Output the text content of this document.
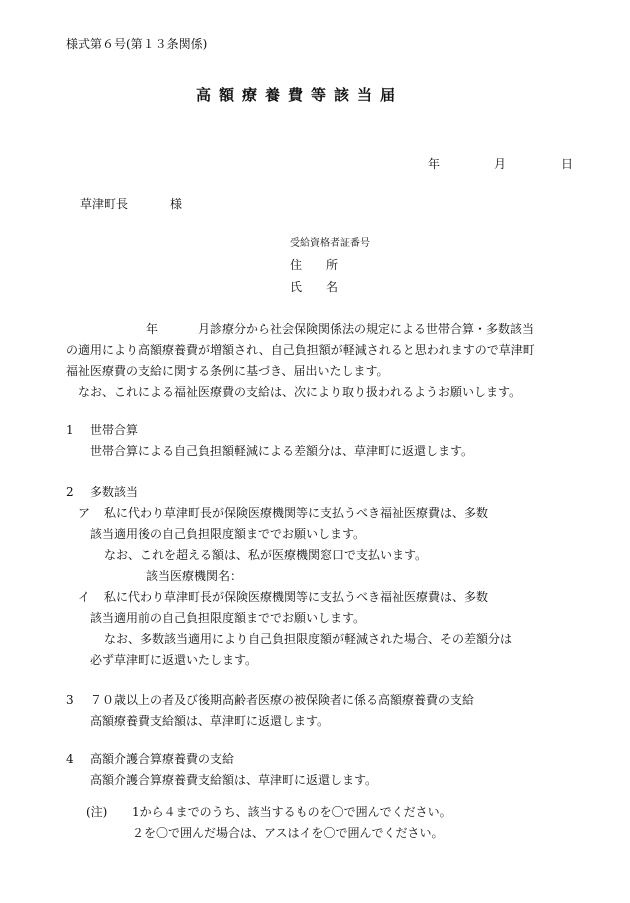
様式第６号(第１３条関係)
高額療養費等該当届
年	月	日
草津町長	様
受給資格者証番号
住　　所
氏　　名
年	月診療分から社会保険関係法の規定による世帯合算・多数該当
の適用により高額療養費が増額され、自己負担額が軽減されると思われますので草津町
福祉医療費の支給に関する条例に基づき、届出いたします。
なお、これによる福祉医療費の支給は、次により取り扱われるようお願いします。
1 世帯合算
世帯合算による自己負担額軽減による差額分は、草津町に返還します。
2 多数該当
ア 私に代わり草津町長が保険医療機関等に支払うべき福祉医療費は、多数
該当適用後の自己負担限度額まででお願いします。
なお、これを超える額は、私が医療機関窓口で支払います。
該当医療機関名：
イ 私に代わり草津町長が保険医療機関等に支払うべき福祉医療費は、多数
該当適用前の自己負担限度額まででお願いします。
なお、多数該当適用により自己負担限度額が軽減された場合、その差額分は
必ず草津町に返還いたします。
3 ７０歳以上の者及び後期高齢者医療の被保険者に係る高額療養費の支給
高額療養費支給額は、草津町に返還します。
4 高額介護合算療養費の支給
高額介護合算療養費支給額は、草津町に返還します。
(注) 1から４までのうち、該当するものを〇で囲んでください。
２を〇で囲んだ場合は、アスはイを〇で囲んでください。
